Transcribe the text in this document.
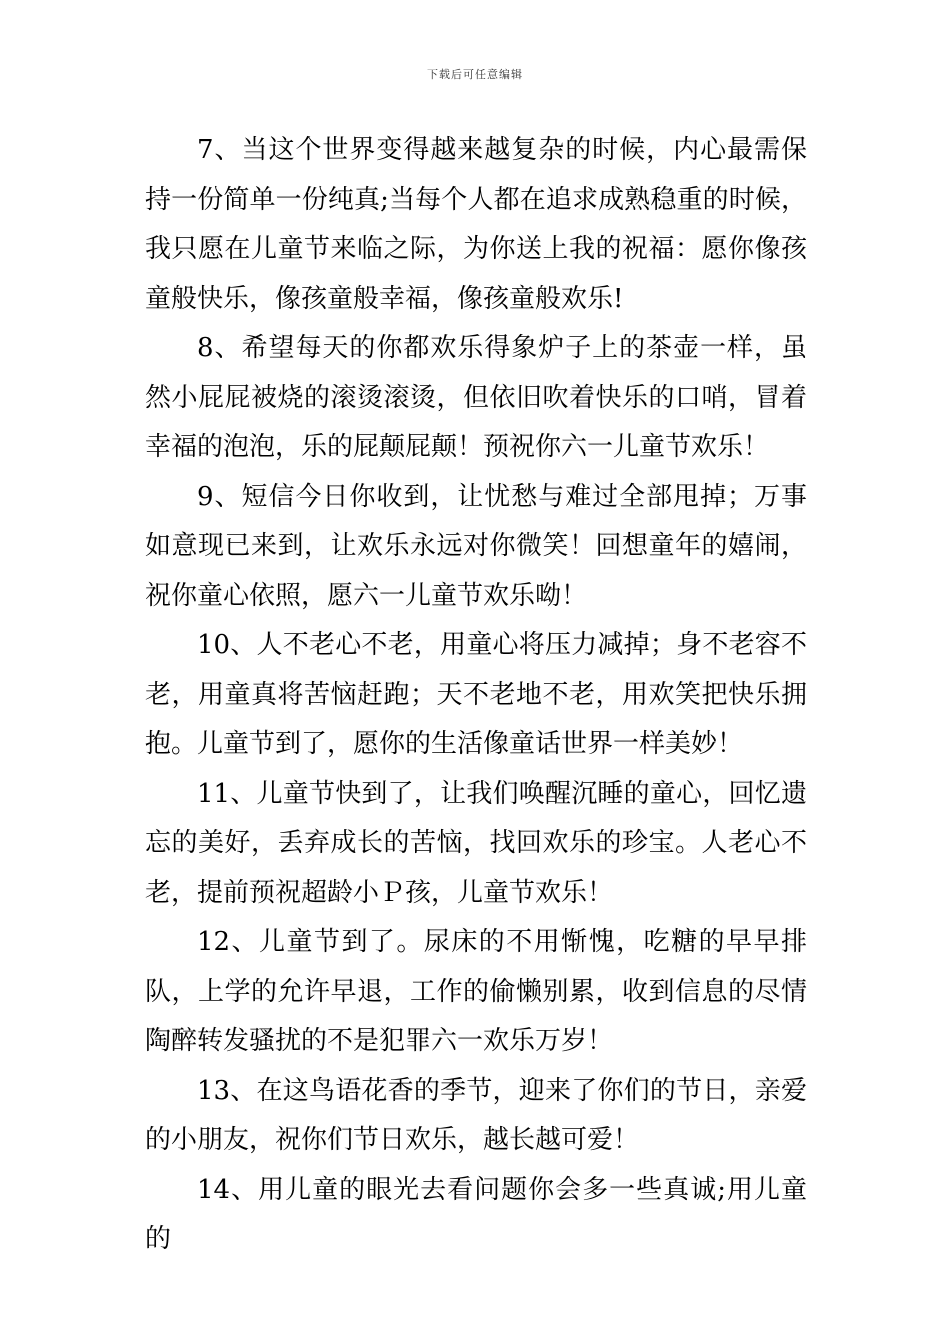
下载后可任意编辑

7、当这个世界变得越来越复杂的时候，内心最需保持一份简单一份纯真;当每个人都在追求成熟稳重的时候，我只愿在儿童节来临之际，为你送上我的祝福：愿你像孩童般快乐，像孩童般幸福，像孩童般欢乐!

8、希望每天的你都欢乐得象炉子上的茶壶一样，虽然小屁屁被烧的滚烫滚烫，但依旧吹着快乐的口哨，冒着幸福的泡泡，乐的屁颠屁颠！预祝你六一儿童节欢乐！

9、短信今日你收到，让忧愁与难过全部甩掉；万事如意现已来到，让欢乐永远对你微笑！回想童年的嬉闹，祝你童心依照，愿六一儿童节欢乐呦！

10、人不老心不老，用童心将压力减掉；身不老容不老，用童真将苦恼赶跑；天不老地不老，用欢笑把快乐拥抱。儿童节到了，愿你的生活像童话世界一样美妙！

11、儿童节快到了，让我们唤醒沉睡的童心，回忆遗忘的美好，丢弃成长的苦恼，找回欢乐的珍宝。人老心不老，提前预祝超龄小Ｐ孩，儿童节欢乐！

12、儿童节到了。尿床的不用惭愧，吃糖的早早排队，上学的允许早退，工作的偷懒别累，收到信息的尽情陶醉转发骚扰的不是犯罪六一欢乐万岁！

13、在这鸟语花香的季节，迎来了你们的节日，亲爱的小朋友，祝你们节日欢乐，越长越可爱！

14、用儿童的眼光去看问题你会多一些真诚;用儿童的
